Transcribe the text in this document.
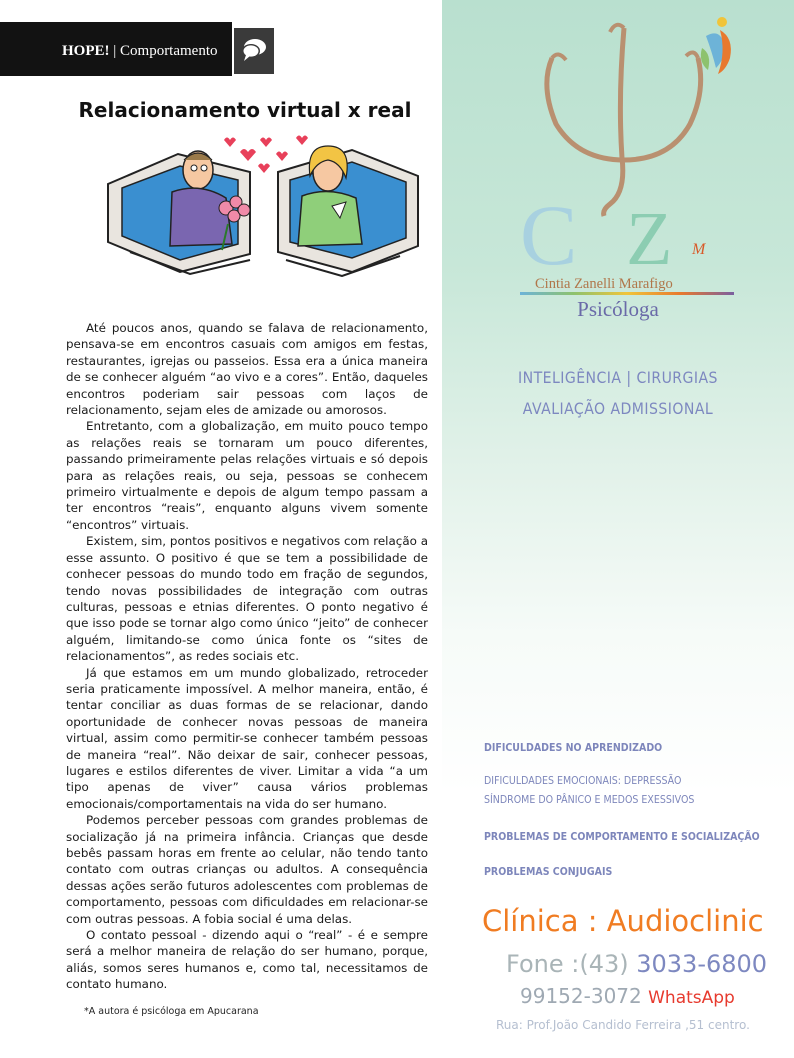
HOPE! | Comportamento
Relacionamento virtual x real

Até poucos anos, quando se falava de relacionamento, pensava-se em encontros casuais com amigos em festas, restaurantes, igrejas ou passeios. Essa era a única maneira de se conhecer alguém “ao vivo e a cores”. Então, daqueles encontros poderiam sair pessoas com laços de relacionamento, sejam eles de amizade ou amorosos.

Entretanto, com a globalização, em muito pouco tempo as relações reais se tornaram um pouco diferentes, passando primeiramente pelas relações virtuais e só depois para as relações reais, ou seja, pessoas se conhecem primeiro virtualmente e depois de algum tempo passam a ter encontros “reais”, enquanto alguns vivem somente “encontros” virtuais.

Existem, sim, pontos positivos e negativos com relação a esse assunto. O positivo é que se tem a possibilidade de conhecer pessoas do mundo todo em fração de segundos, tendo novas possibilidades de integração com outras culturas, pessoas e etnias diferentes. O ponto negativo é que isso pode se tornar algo como único “jeito” de conhecer alguém, limitando-se como única fonte os “sites de relacionamentos”, as redes sociais etc.

Já que estamos em um mundo globalizado, retroceder seria praticamente impossível. A melhor maneira, então, é tentar conciliar as duas formas de se relacionar, dando oportunidade de conhecer novas pessoas de maneira virtual, assim como permitir-se conhecer também pessoas de maneira “real”. Não deixar de sair, conhecer pessoas, lugares e estilos diferentes de viver. Limitar a vida “a um tipo apenas de viver” causa vários problemas emocionais/comportamentais na vida do ser humano.

Podemos perceber pessoas com grandes problemas de socialização já na primeira infância. Crianças que desde bebês passam horas em frente ao celular, não tendo tanto contato com outras crianças ou adultos. A consequência dessas ações serão futuros adolescentes com problemas de comportamento, pessoas com dificuldades em relacionar-se com outras pessoas. A fobia social é uma delas.

O contato pessoal - dizendo aqui o “real” - é e sempre será a melhor maneira de relação do ser humano, porque, aliás, somos seres humanos e, como tal, necessitamos de contato humano.

*A autora é psicóloga em Apucarana
C Z M
Cintia Zanelli Marafigo
Psicóloga
INTELIGÊNCIA | CIRURGIAS
AVALIAÇÃO ADMISSIONAL
DIFICULDADES NO APRENDIZADO
DIFICULDADES EMOCIONAIS: DEPRESSÃO
SÍNDROME DO PÂNICO E MEDOS EXESSIVOS
PROBLEMAS DE COMPORTAMENTO E SOCIALIZAÇÃO
PROBLEMAS CONJUGAIS
Clínica : Audioclinic
Fone :(43) 3033-6800
99152-3072 WhatsApp
Rua: Prof.João Candido Ferreira ,51 centro.
